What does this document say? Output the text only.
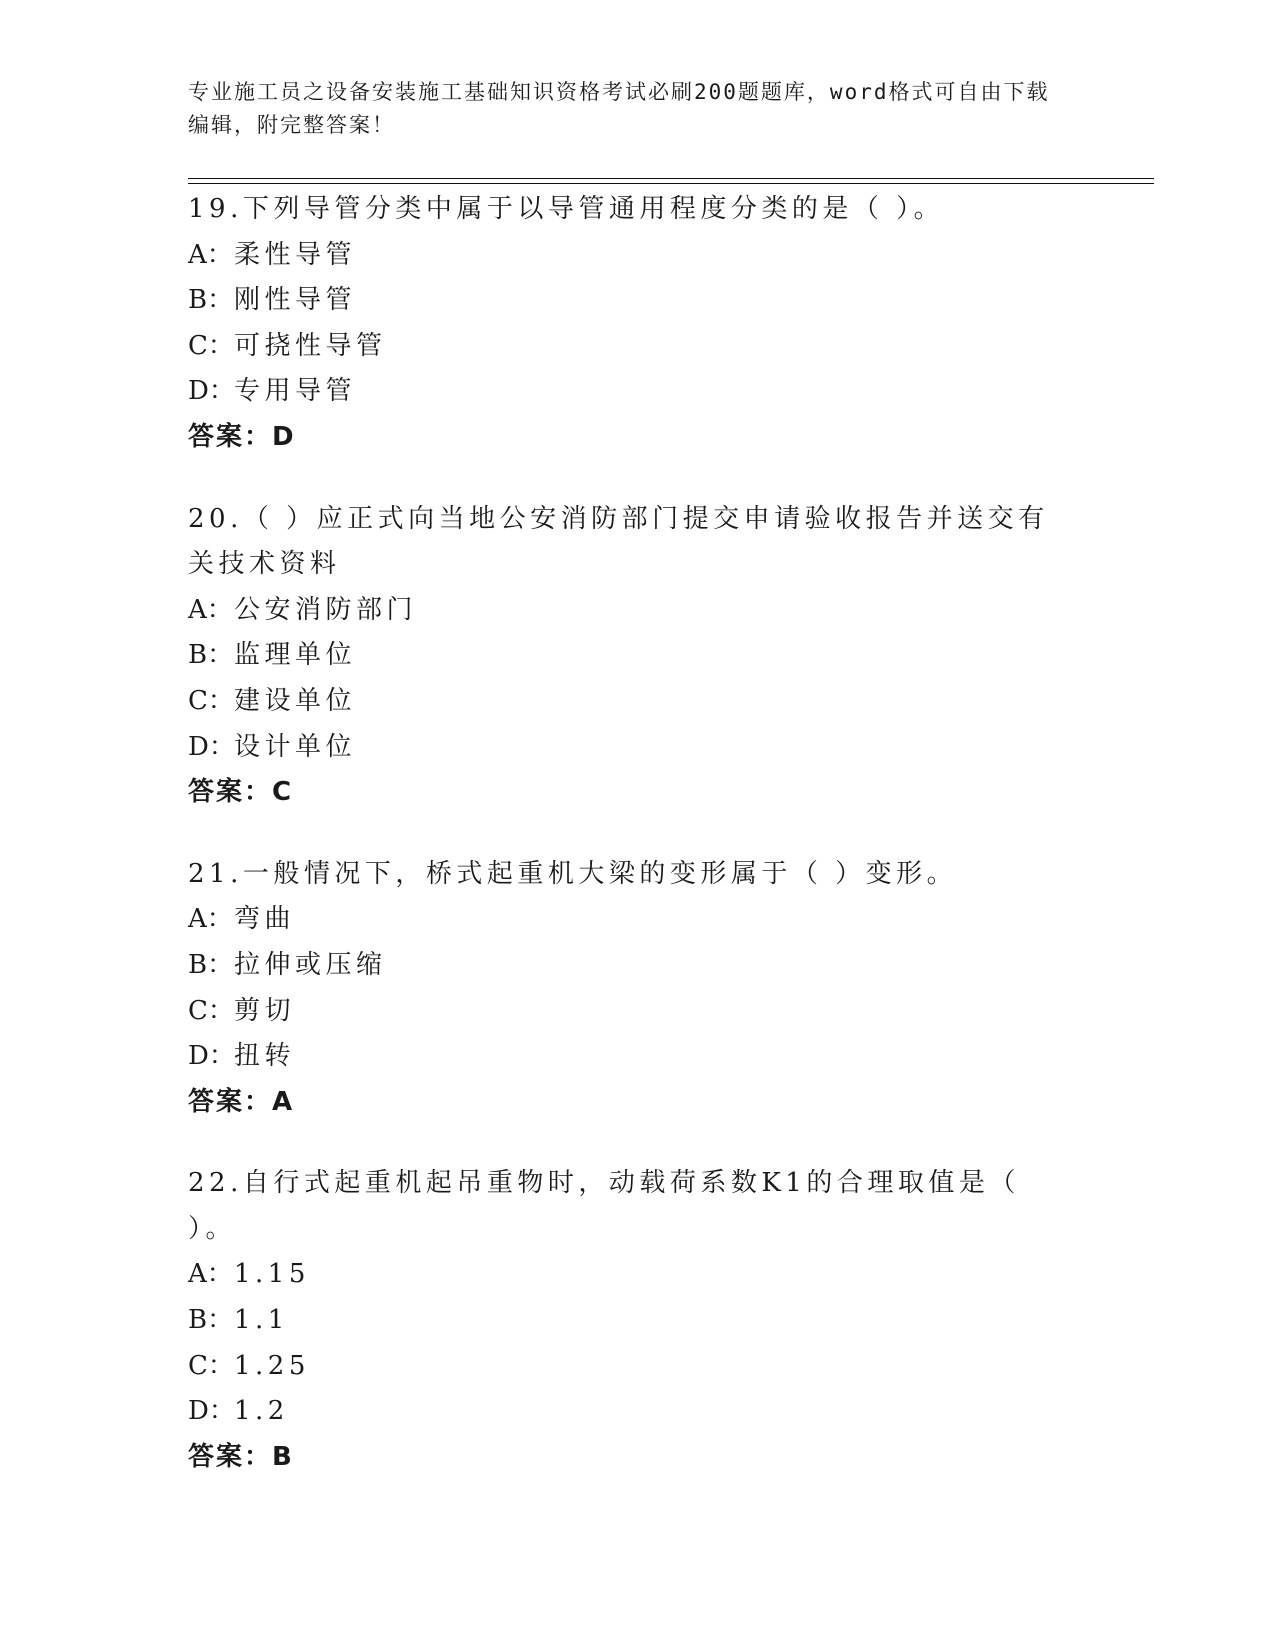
专业施工员之设备安装施工基础知识资格考试必刷200题题库，word格式可自由下载编辑，附完整答案！

19.下列导管分类中属于以导管通用程度分类的是（ ）。

A：柔性导管

B：刚性导管

C：可挠性导管

D：专用导管

答案：D

20.（ ）应正式向当地公安消防部门提交申请验收报告并送交有关技术资料

A：公安消防部门

B：监理单位

C：建设单位

D：设计单位

答案：C

21.一般情况下，桥式起重机大梁的变形属于（ ）变形。

A：弯曲

B：拉伸或压缩

C：剪切

D：扭转

答案：A

22.自行式起重机起吊重物时，动载荷系数K1的合理取值是（ ）。

A：1.15

B：1.1

C：1.25

D：1.2

答案：B
